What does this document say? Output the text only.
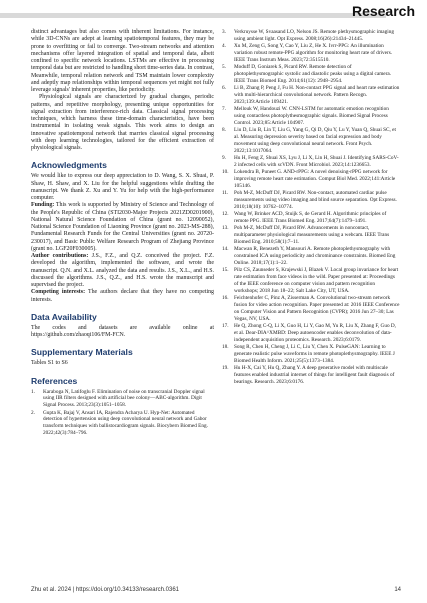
Research

distinct advantages but also comes with inherent limitations. For instance, while 3D-CNNs are adept at learning spatiotemporal features, they may be prone to overfitting or fail to converge. Two-stream networks and attention mechanisms offer layered integration of spatial and temporal data, albeit confined to specific network locations. LSTMs are effective in processing temporal data but are restricted to handling short time-series data. In contrast, Meanwhile, temporal relation network and TSM maintain lower complexity and adeptly map relationships within temporal sequences yet might not fully leverage signals' inherent properties, like periodicity.

Physiological signals are characterized by gradual changes, periodic patterns, and repetitive morphology, presenting unique opportunities for signal extraction from interference-rich data. Classical signal processing techniques, which harness these time-domain characteristics, have been instrumental in isolating weak signals. This work aims to design an innovative spatiotemporal network that marries classical signal processing with deep learning technologies, tailored for the efficient extraction of physiological signals.

Acknowledgments

We would like to express our deep appreciation to D. Wang, S. X. Shuai, P. Shaw, H. Shaw, and X. Liu for the helpful suggestions while drafting the manuscript. We thank Z. Xu and Y. Yu for help with the high-performance computer.

Funding: This work is supported by Ministry of Science and Technology of the People's Republic of China (STI2030-Major Projects 2021ZD0201900), National Natural Science Foundation of China (grant no. 12090052), National Science Foundation of Liaoning Province (grant no. 2023-MS-288), Fundamental Research Funds for the Central Universities (grant no. 20720-230017), and Basic Public Welfare Research Program of Zhejiang Province (grant no. LGF20F030005).

Author contributions: J.S., F.Z., and Q.Z. conceived the project. F.Z. developed the algorithm, implemented the software, and wrote the manuscript. Q.N. and X.L. analyzed the data and results. J.S., X.L., and H.S. discussed the algorithms. J.S., Q.Z., and H.S. wrote the manuscript and supervised the project.

Competing interests: The authors declare that they have no competing interests.

Data Availability

The codes and datasets are available online at https://github.com/zhaoqi106/FM-FCN.

Supplementary Materials

Tables S1 to S6

References
1.	Karaboga N, Latifoglu F. Elimination of noise on transcranial Doppler signal using IIR filters designed with artificial bee colony—ABC-algorithm. Digit Signal Process. 2013;23(3):1051–1058.
2.	Gupta K, Bajaj V, Ansari IA, Rajendra Acharya U. Hyp-Net: Automated detection of hypertension using deep convolutional neural network and Gabor transform techniques with ballistocardiogram signals. Biocybern Biomed Eng. 2022;42(3):784–796.
3.	Verkruysse W, Svaasand LO, Nelson JS. Remote plethysmographic imaging using ambient light. Opt Express. 2008;16(26):21434–21445.
4.	Xu M, Zeng G, Song Y, Cao Y, Liu Z, He X. Ivrr-PPG: An illumination variation robust remote-PPG algorithm for monitoring heart rate of drivers. IEEE Trans Instrum Meas. 2023;72:3515510.
5.	Moduff D, Goniarek S, Picard RW. Remote detection of photoplethysmographic systolic and diastolic peaks using a digital camera. IEEE Trans Biomed Eng. 2014;61(12): 2948–2954.
6.	Li B, Zhang P, Peng J, Fu H. Non-contact PPG signal and heart rate estimation with multi-hierarchical convolutional network. Pattern Recogn. 2023;139:Article 109421.
7.	Mellouk W, Handouzi W. CNN-LSTM for automatic emotion recognition using contactless photoplythesmographic signals. Biomed Signal Process Control. 2023;85:Article 104907.
8.	Liu D, Liu B, Lin T, Liu G, Yang G, Qi D, Qiu Y, Lu Y, Yuan Q, Shuai SC, et al. Measuring depression severity based on facial expression and body movement using deep convolutional neural network. Front Psych. 2022;13:1017064.
9.	Hu H, Feng Z, Shuai XS, Lyu J, Li X, Lin H, Shuai J. Identifying SARS-CoV-2 infected cells with scVDN. Front Microbiol. 2023;14:1236653.
10.	Lokendra B, Puneet G. AND-rPPG: A novel denoising-rPPG network for improving remote heart rate estimation. Comput Biol Med. 2022;141:Article 105146.
11.	Poh M-Z, McDuff DJ, Picard RW. Non-contact, automated cardiac pulse measurements using video imaging and blind source separation. Opt Express. 2010;18(10): 10762–10774.
12.	Wang W, Brinker ACD, Stuijk S, de Gerard H. Algorithmic principles of remote PPG. IEEE Trans Biomed Eng. 2017;64(7):1479–1491.
13.	Poh M-Z, McDuff DJ, Picard RW. Advancements in noncontact, multiparameter physiological measurements using a webcam. IEEE Trans Biomed Eng. 2010;58(1):7–11.
14.	Macwan R, Benezeth Y, Mansouri A. Remote photoplethysmography with constrained ICA using periodicity and chrominance constraints. Biomed Eng Online. 2018;17(1):1–22.
15.	Pilz CS, Zaunseder S, Krajewski J, Blazek V. Local group invariance for heart rate estimation from face videos in the wild. Paper presented at: Proceedings of the IEEE conference on computer vision and pattern recognition workshops; 2018 Jun 18–22; Salt Lake City, UT, USA.
16.	Feichtenhofer C, Pinz A, Zisserman A. Convolutional two-stream network fusion for video action recognition. Paper presented at: 2016 IEEE Conference on Computer Vision and Pattern Recognition (CVPR); 2016 Jun 27–30; Las Vegas, NV, USA.
17.	He Q, Zhong C-Q, Li X, Guo H, Li Y, Gao M, Yu R, Liu X, Zhang F, Guo D, et al. Dear-DIA^XMBD: Deep autoencoder enables deconvolution of data-independent acquisition proteomics. Research. 2023;6:0179.
18.	Song R, Chen H, Cheng J, Li C, Liu Y, Chen X. PulseGAN: Learning to generate realistic pulse waveforms in remote photoplethysmography. IEEE J Biomed Health Inform. 2021;25(5):1373–1384.
19.	Hu H-X, Cai Y, Hu Q, Zhang Y. A deep generative model with multiscale features enabled industrial internet of things for intelligent fault diagnosis of bearings. Research. 2023;6:0176.
Zhu et al. 2024 | https://doi.org/10.34133/research.0361	14
